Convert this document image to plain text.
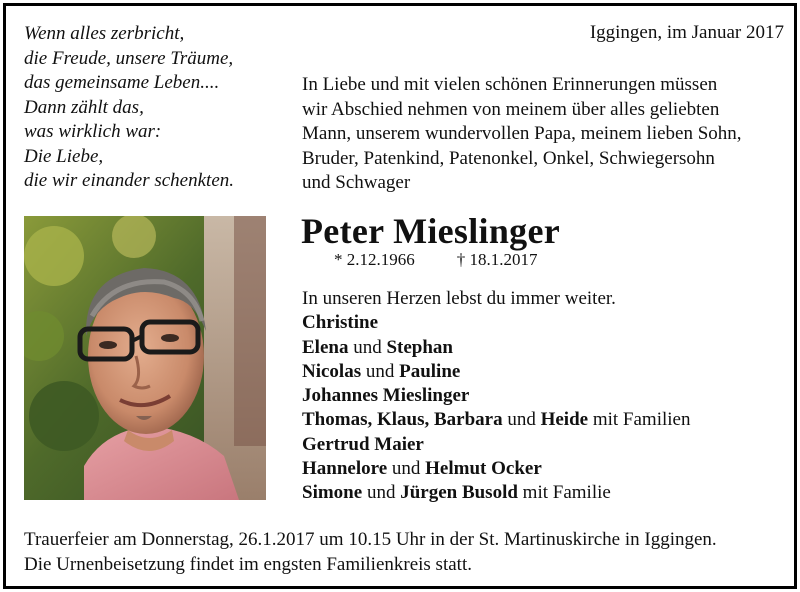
Wenn alles zerbricht,
die Freude, unsere Träume,
das gemeinsame Leben....
Dann zählt das,
was wirklich war:
Die Liebe,
die wir einander schenkten.
Iggingen, im Januar 2017
In Liebe und mit vielen schönen Erinnerungen müssen
wir Abschied nehmen von meinem über alles geliebten
Mann, unserem wundervollen Papa, meinem lieben Sohn,
Bruder, Patenkind, Patenonkel, Onkel, Schwiegersohn
und Schwager
Peter Mieslinger
* 2.12.1966 † 18.1.2017
In unseren Herzen lebst du immer weiter.
Christine
Elena und Stephan
Nicolas und Pauline
Johannes Mieslinger
Thomas, Klaus, Barbara und Heide mit Familien
Gertrud Maier
Hannelore und Helmut Ocker
Simone und Jürgen Busold mit Familie
Trauerfeier am Donnerstag, 26.1.2017 um 10.15 Uhr in der St. Martinuskirche in Iggingen.
Die Urnenbeisetzung findet im engsten Familienkreis statt.
